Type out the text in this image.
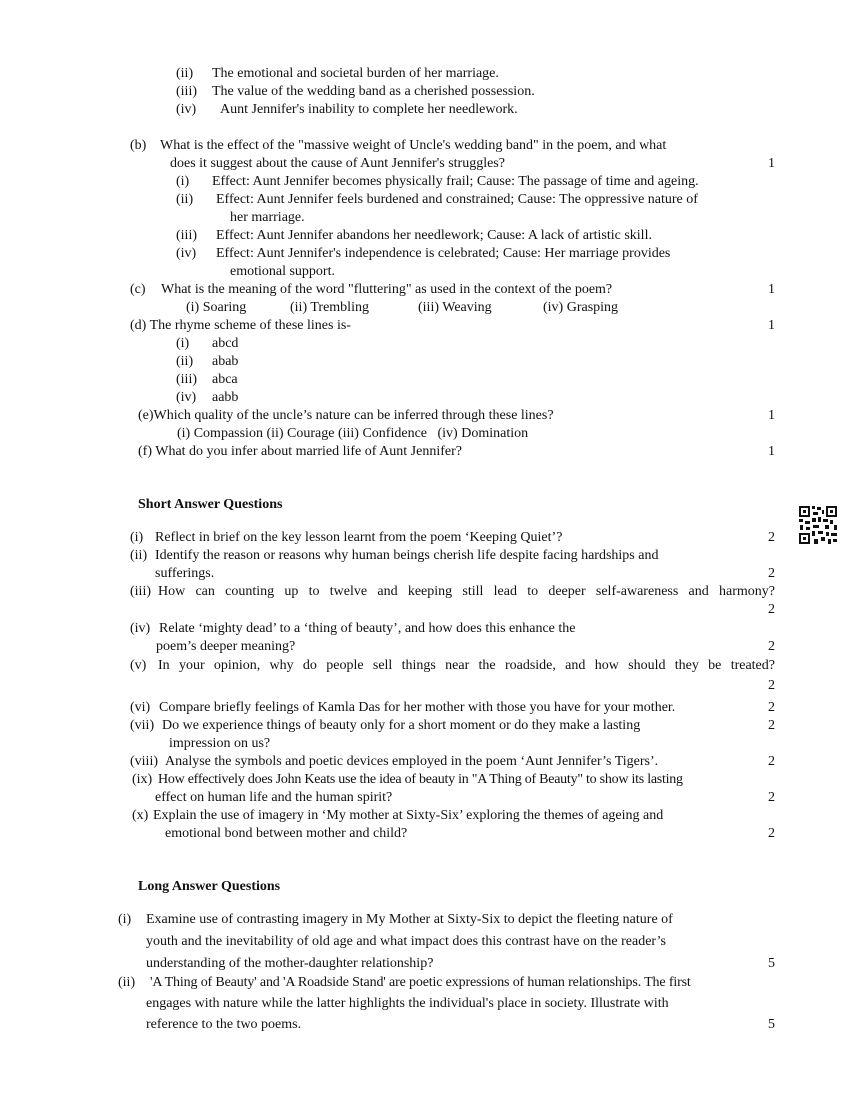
(ii) The emotional and societal burden of her marriage.
(iii) The value of the wedding band as a cherished possession.
(iv) Aunt Jennifer's inability to complete her needlework.
(b) What is the effect of the "massive weight of Uncle's wedding band" in the poem, and what
does it suggest about the cause of Aunt Jennifer's struggles?	1
(i) Effect: Aunt Jennifer becomes physically frail; Cause: The passage of time and ageing.
(ii) Effect: Aunt Jennifer feels burdened and constrained; Cause: The oppressive nature of
her marriage.
(iii) Effect: Aunt Jennifer abandons her needlework; Cause: A lack of artistic skill.
(iv) Effect: Aunt Jennifer's independence is celebrated; Cause: Her marriage provides
emotional support.
(c) What is the meaning of the word "fluttering" as used in the context of the poem?	1
(i) Soaring	(ii) Trembling	(iii) Weaving	(iv) Grasping
(d) The rhyme scheme of these lines is-	1
(i) abcd
(ii) abab
(iii) abca
(iv) aabb
(e)Which quality of the uncle’s nature can be inferred through these lines?	1
(i) Compassion (ii) Courage (iii) Confidence   (iv) Domination
(f) What do you infer about married life of Aunt Jennifer?	1
Short Answer Questions
(i) Reflect in brief on the key lesson learnt from the poem ‘Keeping Quiet’?	2
(ii) Identify the reason or reasons why human beings cherish life despite facing hardships and
sufferings.	2
(iii) How can counting up to twelve and keeping still lead to deeper self-awareness and harmony?
2
(iv) Relate ‘mighty dead’ to a ‘thing of beauty’, and how does this enhance the
poem’s deeper meaning?	2
(v) In your opinion, why do people sell things near the roadside, and how should they be treated?
2
(vi) Compare briefly feelings of Kamla Das for her mother with those you have for your mother.	2
(vii) Do we experience things of beauty only for a short moment or do they make a lasting
impression on us?
2
(viii) Analyse the symbols and poetic devices employed in the poem ‘Aunt Jennifer’s Tigers’.	2
(ix) How effectively does John Keats use the idea of beauty in "A Thing of Beauty" to show its lasting
effect on human life and the human spirit?	2
(x) Explain the use of imagery in ‘My mother at Sixty-Six’ exploring the themes of ageing and
emotional bond between mother and child?	2
Long Answer Questions
(i) Examine use of contrasting imagery in My Mother at Sixty-Six to depict the fleeting nature of
youth and the inevitability of old age and what impact does this contrast have on the reader’s
understanding of the mother-daughter relationship?	5
(ii) 'A Thing of Beauty' and 'A Roadside Stand' are poetic expressions of human relationships. The first
engages with nature while the latter highlights the individual's place in society. Illustrate with
reference to the two poems.	5
